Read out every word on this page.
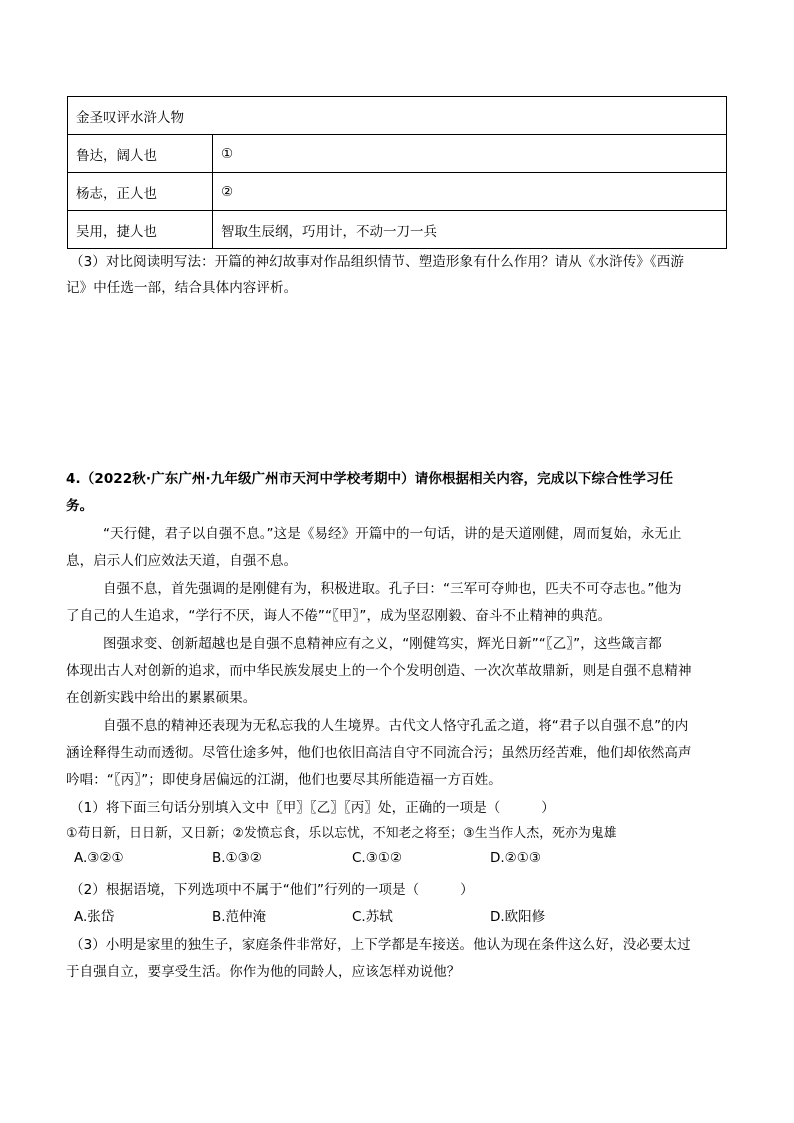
金圣叹评水浒人物	
鲁达，阔人也	①
杨志，正人也	②
吴用，捷人也	智取生辰纲，巧用计，不动一刀一兵
（3）对比阅读明写法：开篇的神幻故事对作品组织情节、塑造形象有什么作用？请从《水浒传》《西游
记》中任选一部，结合具体内容评析。
4.（2022秋·广东广州·九年级广州市天河中学校考期中）请你根据相关内容，完成以下综合性学习任
务。
“天行健，君子以自强不息。”这是《易经》开篇中的一句话，讲的是天道刚健，周而复始，永无止
息，启示人们应效法天道，自强不息。
自强不息，首先强调的是刚健有为，积极进取。孔子曰：“三军可夺帅也，匹夫不可夺志也。”他为
了自己的人生追求，“学行不厌，诲人不倦”“〖甲〗”，成为坚忍刚毅、奋斗不止精神的典范。
图强求变、创新超越也是自强不息精神应有之义，“刚健笃实，辉光日新”“〖乙〗”，这些箴言都
体现出古人对创新的追求，而中华民族发展史上的一个个发明创造、一次次革故鼎新，则是自强不息精神
在创新实践中给出的累累硕果。
自强不息的精神还表现为无私忘我的人生境界。古代文人恪守孔孟之道，将“君子以自强不息”的内
涵诠释得生动而透彻。尽管仕途多舛，他们也依旧高洁自守不同流合污；虽然历经苦难，他们却依然高声
吟唱：“〖丙〗”；即使身居偏远的江湖，他们也要尽其所能造福一方百姓。
（1）将下面三句话分别填入文中〖甲〗〖乙〗〖丙〗处，正确的一项是（　　　）
①苟日新，日日新，又日新；②发愤忘食，乐以忘忧，不知老之将至；③生当作人杰，死亦为鬼雄
A.③②①	B.①③②	C.③①②	D.②①③
（2）根据语境，下列选项中不属于“他们”行列的一项是（　　　）
A.张岱	B.范仲淹	C.苏轼	D.欧阳修
（3）小明是家里的独生子，家庭条件非常好，上下学都是车接送。他认为现在条件这么好，没必要太过
于自强自立，要享受生活。你作为他的同龄人，应该怎样劝说他？
